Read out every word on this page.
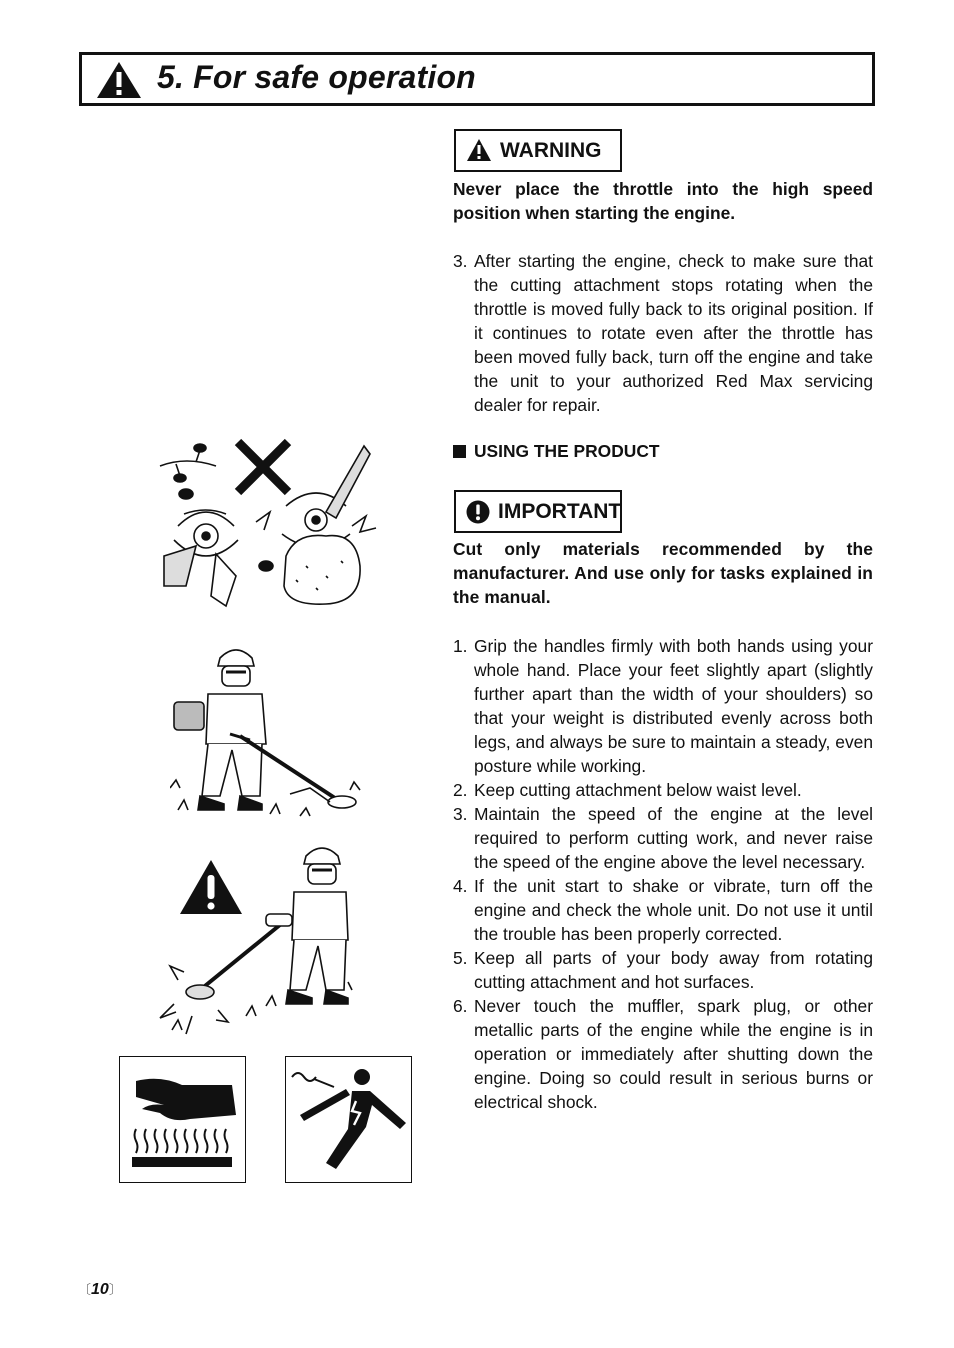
5. For safe operation
WARNING

Never place the throttle into the high speed position when starting the engine.

3. After starting the engine, check to make sure that the cutting attachment stops rotating when the throttle is moved fully back to its original position. If it continues to rotate even after the throttle has been moved fully back, turn off the engine and take the unit to your authorized Red Max servicing dealer for repair.
USING THE PRODUCT
IMPORTANT

Cut only materials recommended by the manufacturer. And use only for tasks explained in the manual.

1. Grip the handles firmly with both hands using your whole hand. Place your feet slightly apart (slightly further apart than the width of your shoulders) so that your weight is distributed evenly across both legs, and always be sure to maintain a steady, even posture while working.
2. Keep cutting attachment below waist level.
3. Maintain the speed of the engine at the level required to perform cutting work, and never raise the speed of the engine above the level necessary.
4. If the unit start to shake or vibrate, turn off the engine and check the whole unit. Do not use it until the trouble has been properly corrected.
5. Keep all parts of your body away from rotating cutting attachment and hot surfaces.
6. Never touch the muffler, spark plug, or other metallic parts of the engine while the engine is in operation or immediately after shutting down the engine. Doing so could result in serious burns or electrical shock.
〔10〕
